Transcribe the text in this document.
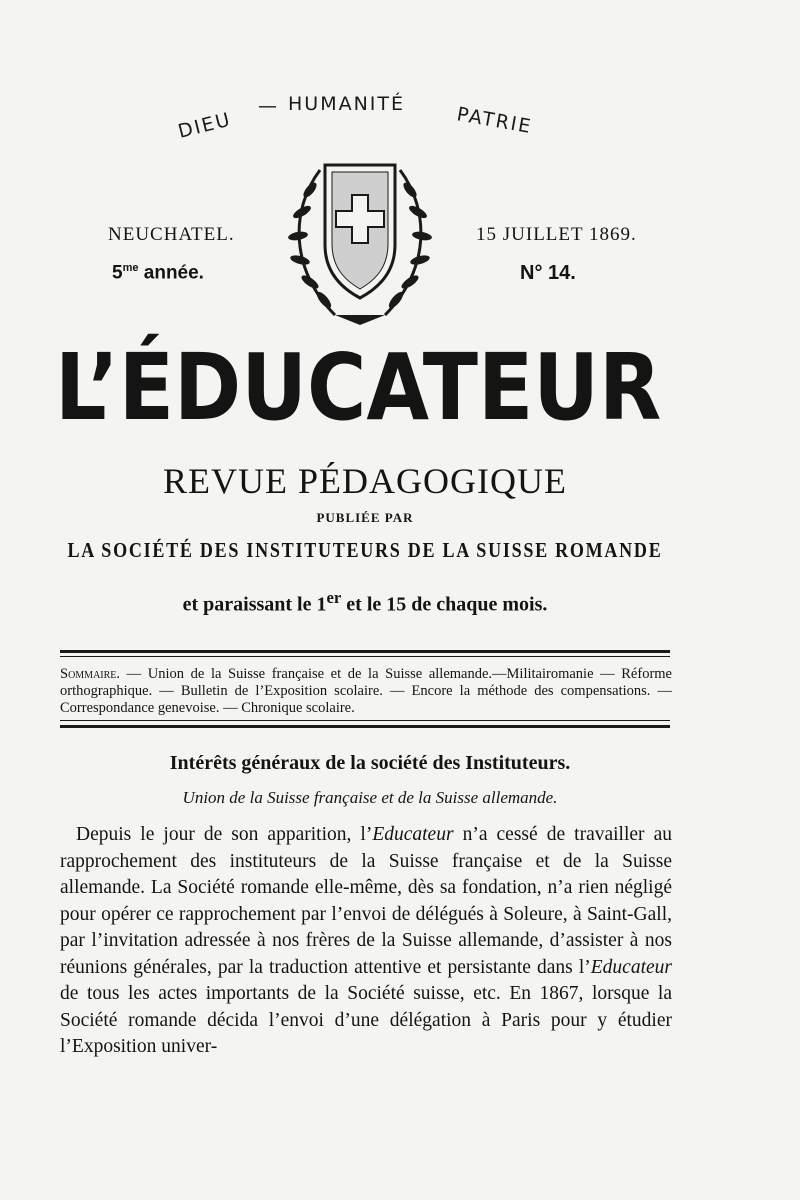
DIEU
— HUMANITÉ	PATRIE
NEUCHATEL.
$5^{me}$ année.
15 JUILLET 1869.
N° 14.
L’ÉDUCATEUR
REVUE PÉDAGOGIQUE
PUBLIÉE PAR
LA SOCIÉTÉ DES INSTITUTEURS DE LA SUISSE ROMANDE
et paraissant le 1er et le 15 de chaque mois.
Sommaire. — Union de la Suisse française et de la Suisse allemande.—Militairomanie — Réforme orthographique. — Bulletin de l’Exposition scolaire. — Encore la méthode des compensations. — Correspondance genevoise. — Chronique scolaire.
Intérêts généraux de la société des Instituteurs.
Union de la Suisse française et de la Suisse allemande.

Depuis le jour de son apparition, l’Educateur n’a cessé de travailler au rapprochement des instituteurs de la Suisse française et de la Suisse allemande. La Société romande elle-même, dès sa fondation, n’a rien négligé pour opérer ce rapprochement par l’envoi de délégués à Soleure, à Saint-Gall, par l’invitation adressée à nos frères de la Suisse allemande, d’assister à nos réunions générales, par la traduction attentive et persistante dans l’Educateur de tous les actes importants de la Société suisse, etc. En 1867, lorsque la Société romande décida l’envoi d’une délégation à Paris pour y étudier l’Exposition univer-
